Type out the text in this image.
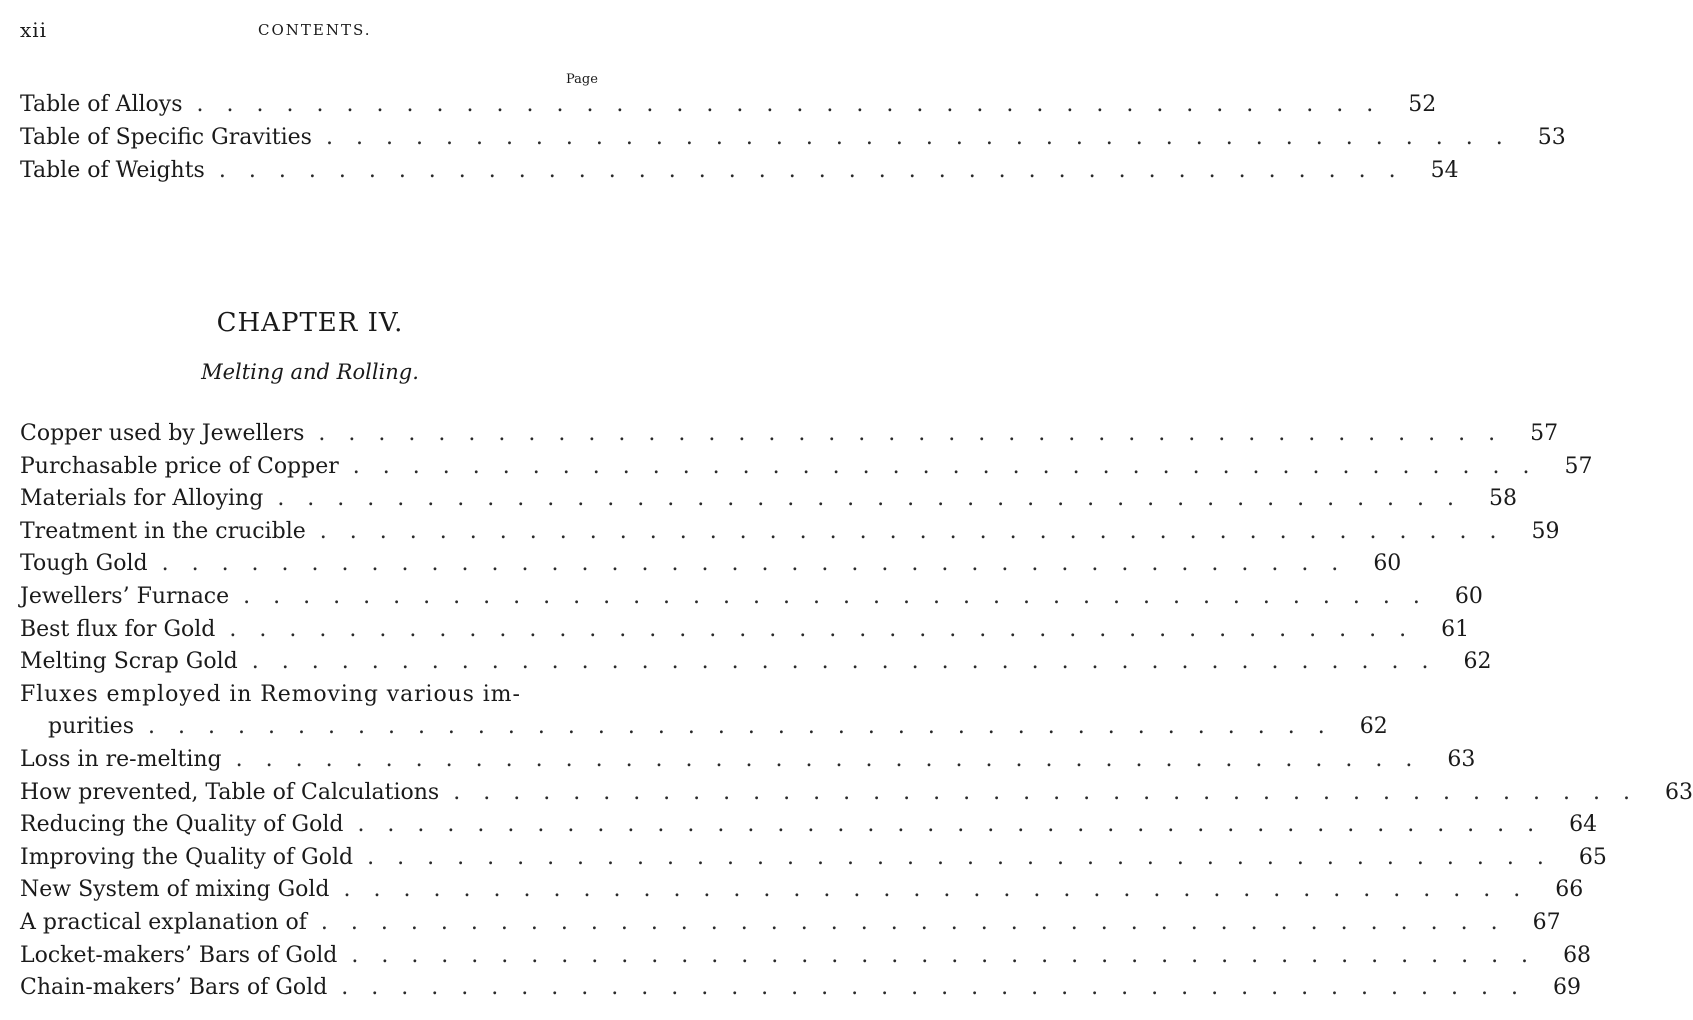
xii	CONTENTS.
Page
Table of Alloys ........................................ 52
Table of Specific Gravities ........................................ 53
Table of Weights ........................................ 54
CHAPTER IV.
Melting and Rolling.
Copper used by Jewellers ........................................ 57
Purchasable price of Copper ........................................ 57
Materials for Alloying ........................................ 58
Treatment in the crucible ........................................ 59
Tough Gold ........................................ 60
Jewellers’ Furnace ........................................ 60
Best flux for Gold ........................................ 61
Melting Scrap Gold ........................................ 62
Fluxes employed in Removing various im-
purities ........................................ 62
Loss in re-melting ........................................ 63
How prevented, Table of Calculations ........................................ 63
Reducing the Quality of Gold ........................................ 64
Improving the Quality of Gold ........................................ 65
New System of mixing Gold ........................................ 66
A practical explanation of ........................................ 67
Locket-makers’ Bars of Gold ........................................ 68
Chain-makers’ Bars of Gold ........................................ 69
